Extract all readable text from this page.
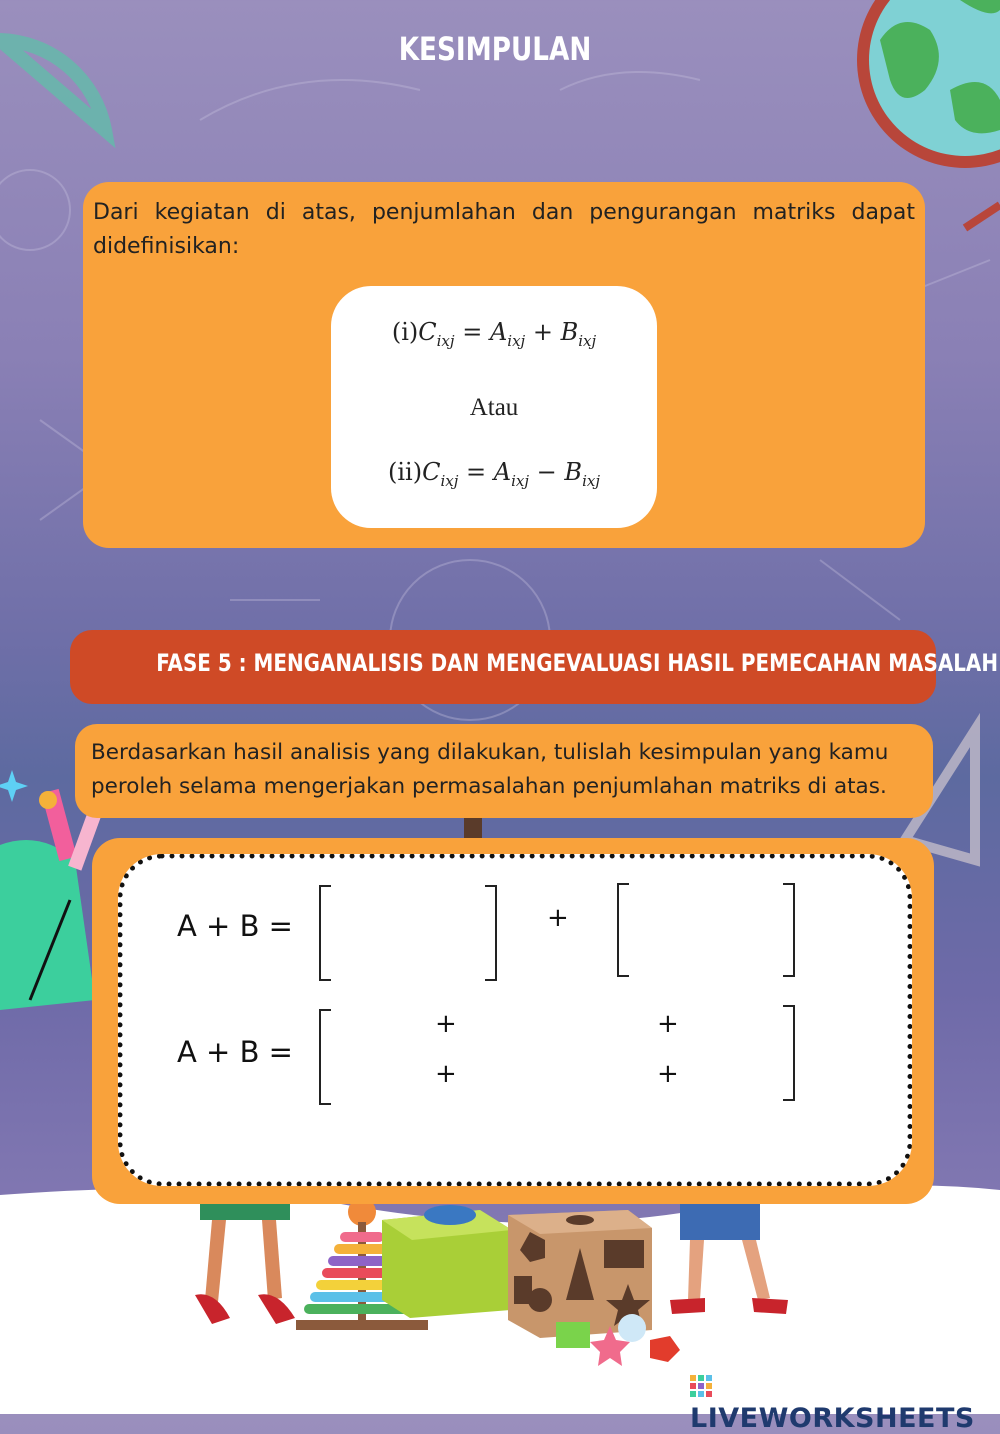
KESIMPULAN
Dari kegiatan di atas, penjumlahan dan pengurangan matriks dapat didefinisikan:
$(i)C_{ixj} = A_{ixj} + B_{ixj}$
Atau
$(ii)C_{ixj} = A_{ixj} - B_{ixj}$
FASE 5 : MENGANALISIS DAN MENGEVALUASI HASIL PEMECAHAN MASALAH
Berdasarkan hasil analisis yang dilakukan, tulislah kesimpulan yang kamu peroleh selama mengerjakan permasalahan penjumlahan matriks di atas.
A + B =	+
A + B =
+	+
+	+
LIVEWORKSHEETS
